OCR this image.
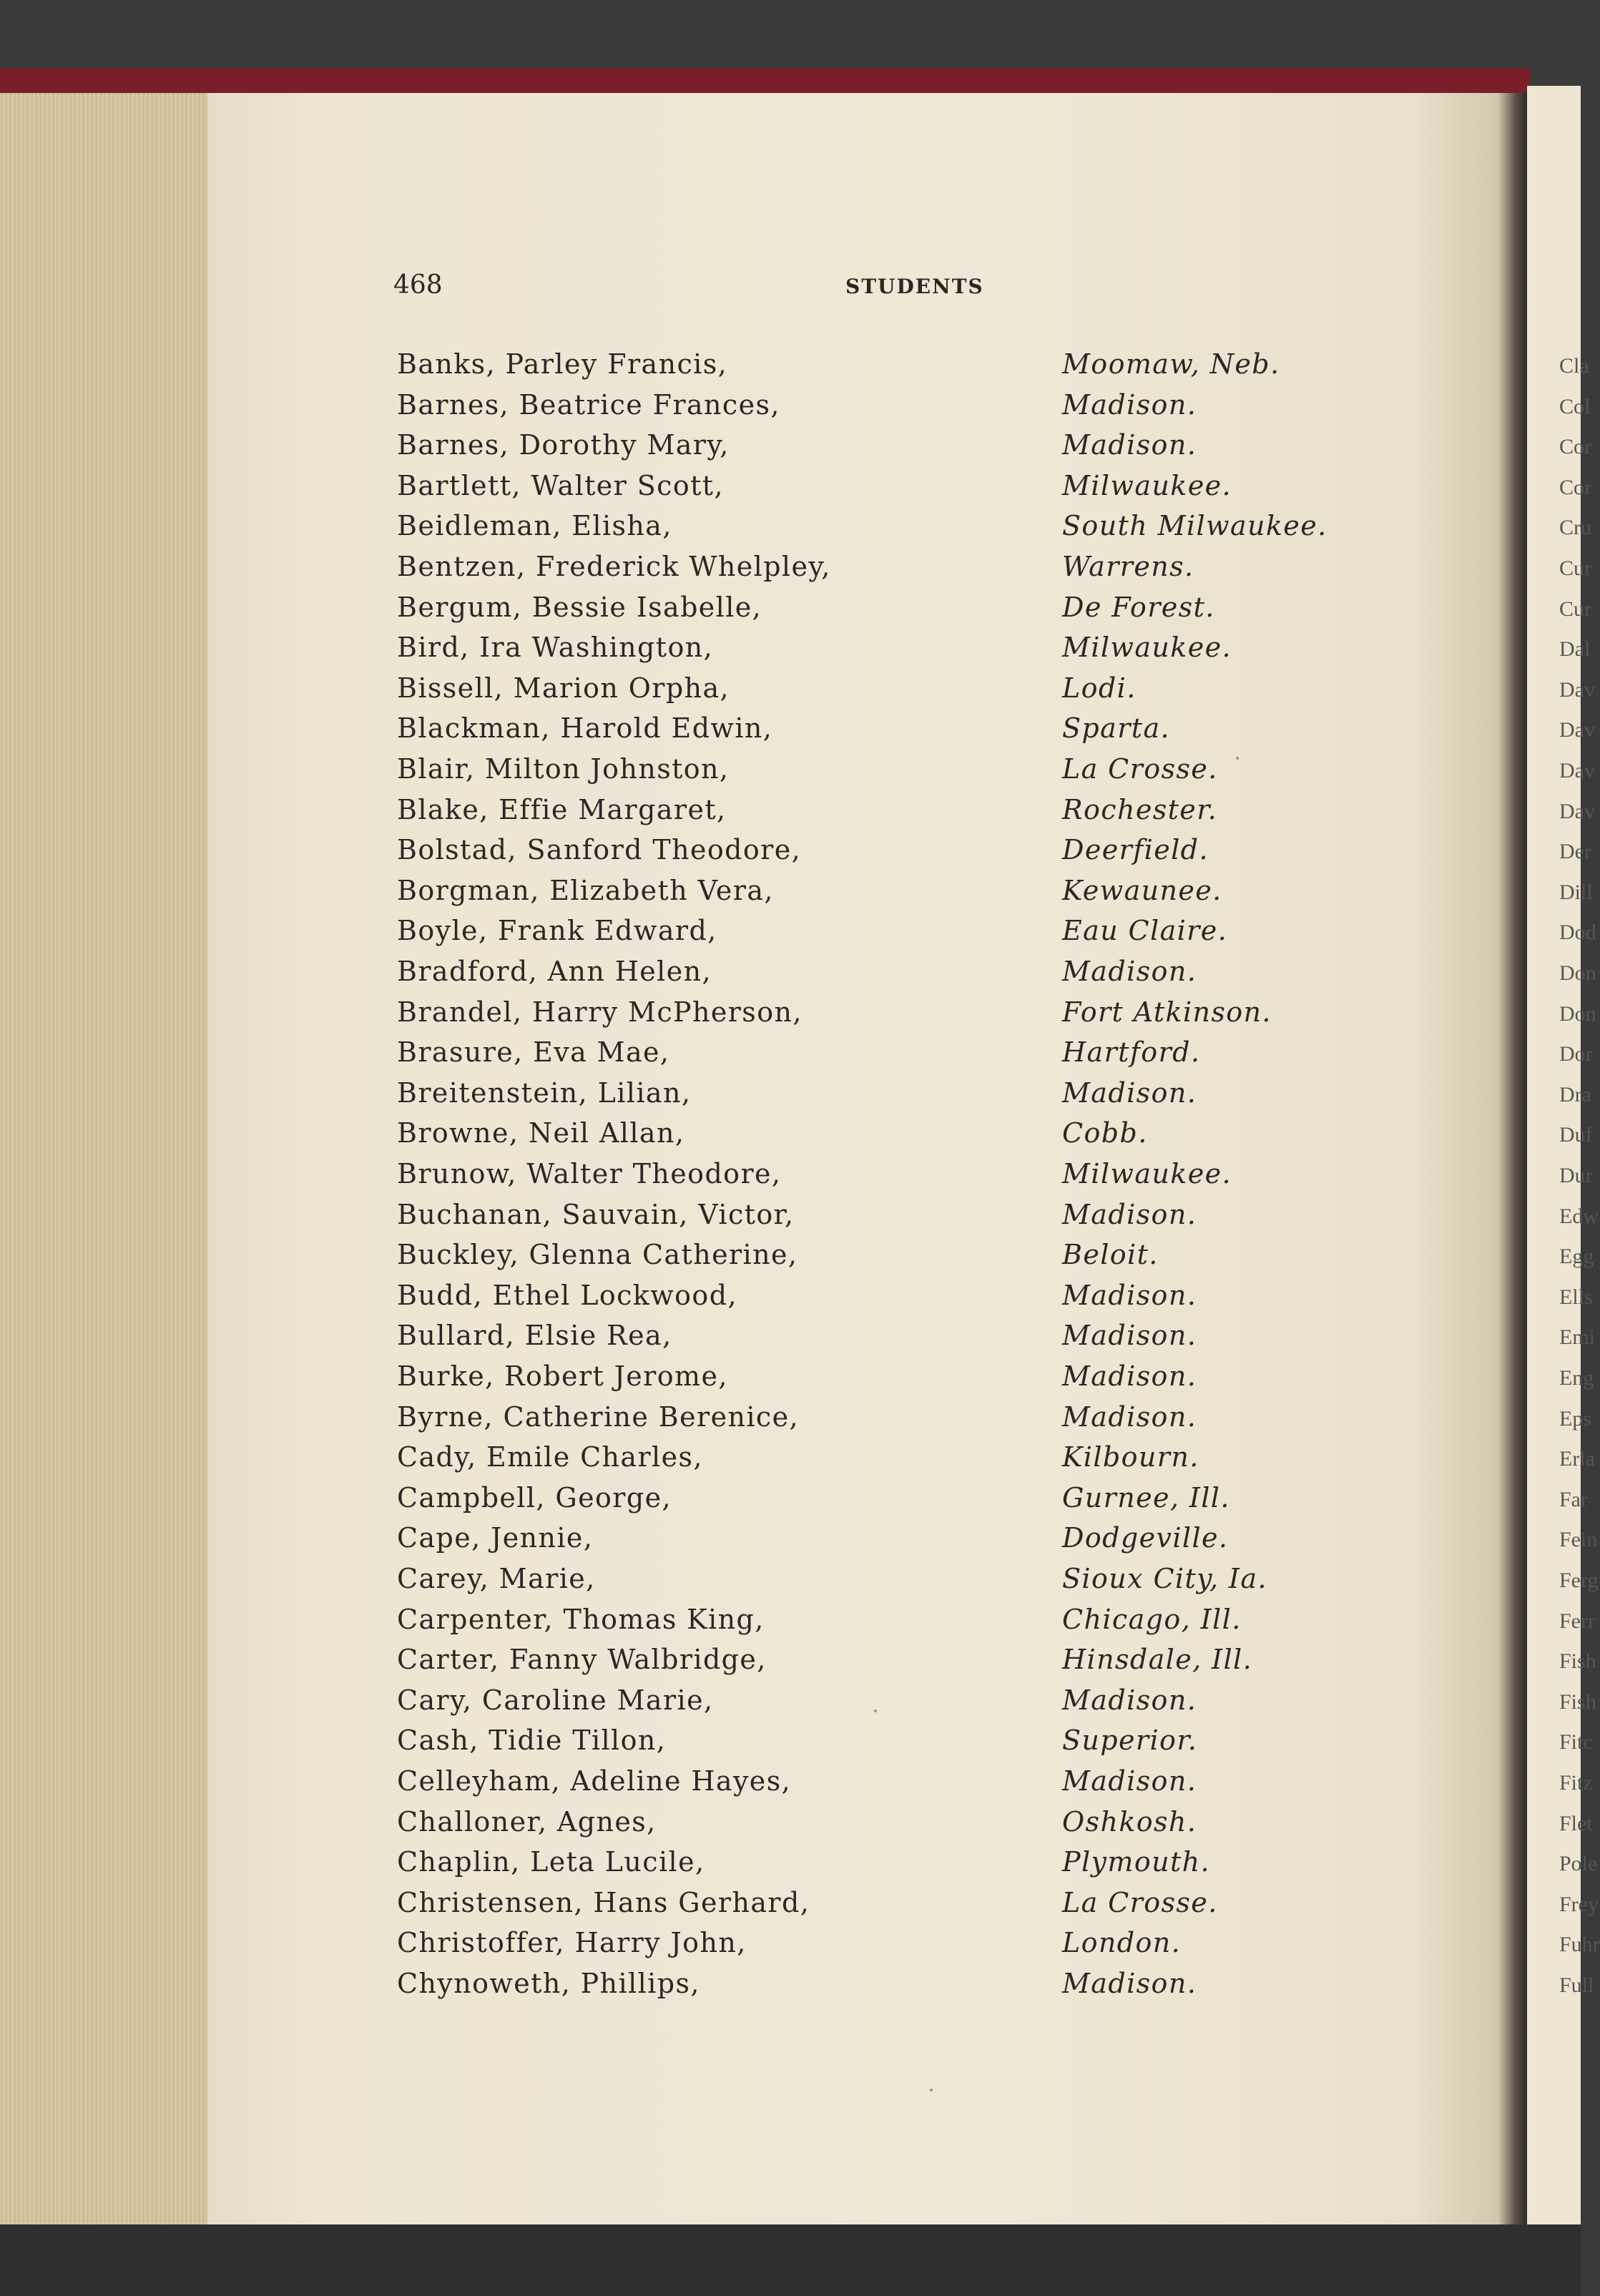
Cla
Col
Cor
Cor
Cru
Cur
Cur
Dal
Dav
Dav
Dav
Dav
Der
Dill
Dod
Don
Don
Dor
Dra
Duf
Dur
Edw
Egg
Ells
Emi
Eng
Eps
Erla
Far
Fein
Ferg
Ferr
Fish
Fish
Fitc
Fitz
Flet
Pole
Frey
Fuhr
Full
468	STUDENTS
Banks, Parley Francis,	Moomaw, Neb.
Barnes, Beatrice Frances,	Madison.
Barnes, Dorothy Mary,	Madison.
Bartlett, Walter Scott,	Milwaukee.
Beidleman, Elisha,	South Milwaukee.
Bentzen, Frederick Whelpley,	Warrens.
Bergum, Bessie Isabelle,	De Forest.
Bird, Ira Washington,	Milwaukee.
Bissell, Marion Orpha,	Lodi.
Blackman, Harold Edwin,	Sparta.
Blair, Milton Johnston,	La Crosse.
Blake, Effie Margaret,	Rochester.
Bolstad, Sanford Theodore,	Deerfield.
Borgman, Elizabeth Vera,	Kewaunee.
Boyle, Frank Edward,	Eau Claire.
Bradford, Ann Helen,	Madison.
Brandel, Harry McPherson,	Fort Atkinson.
Brasure, Eva Mae,	Hartford.
Breitenstein, Lilian,	Madison.
Browne, Neil Allan,	Cobb.
Brunow, Walter Theodore,	Milwaukee.
Buchanan, Sauvain, Victor,	Madison.
Buckley, Glenna Catherine,	Beloit.
Budd, Ethel Lockwood,	Madison.
Bullard, Elsie Rea,	Madison.
Burke, Robert Jerome,	Madison.
Byrne, Catherine Berenice,	Madison.
Cady, Emile Charles,	Kilbourn.
Campbell, George,	Gurnee, Ill.
Cape, Jennie,	Dodgeville.
Carey, Marie,	Sioux City, Ia.
Carpenter, Thomas King,	Chicago, Ill.
Carter, Fanny Walbridge,	Hinsdale, Ill.
Cary, Caroline Marie,	Madison.
Cash, Tidie Tillon,	Superior.
Celleyham, Adeline Hayes,	Madison.
Challoner, Agnes,	Oshkosh.
Chaplin, Leta Lucile,	Plymouth.
Christensen, Hans Gerhard,	La Crosse.
Christoffer, Harry John,	London.
Chynoweth, Phillips,	Madison.
